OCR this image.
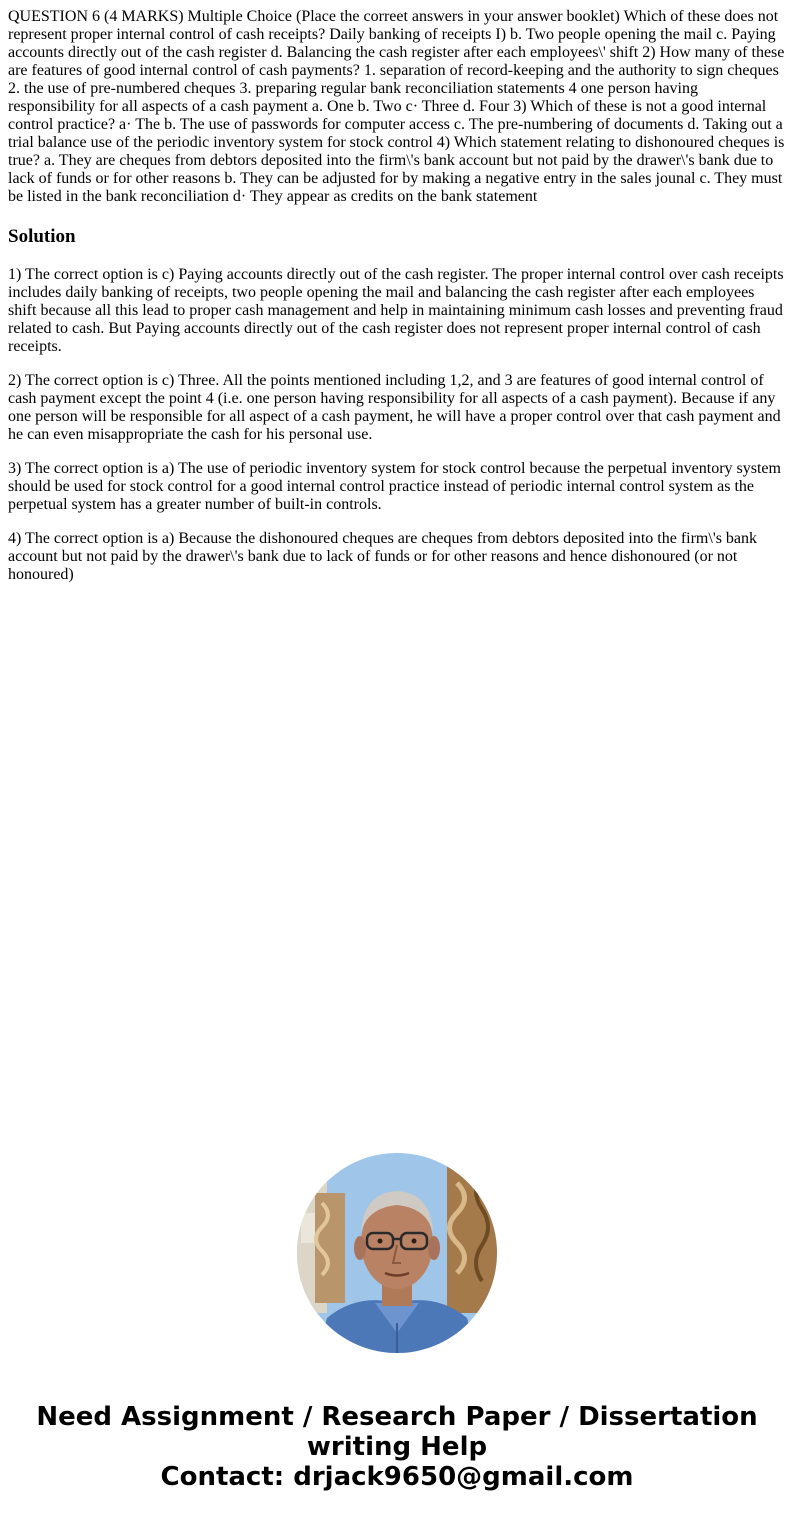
QUESTION 6 (4 MARKS) Multiple Choice (Place the correet answers in your answer booklet) Which of these does not represent proper internal control of cash receipts? Daily banking of receipts I) b. Two people opening the mail c. Paying accounts directly out of the cash register d. Balancing the cash register after each employees\' shift 2) How many of these are features of good internal control of cash payments? 1. separation of record-keeping and the authority to sign cheques 2. the use of pre-numbered cheques 3. preparing regular bank reconciliation statements 4 one person having responsibility for all aspects of a cash payment a. One b. Two c· Three d. Four 3) Which of these is not a good internal control practice? a· The b. The use of passwords for computer access c. The pre-numbering of documents d. Taking out a trial balance use of the periodic inventory system for stock control 4) Which statement relating to dishonoured cheques is true? a. They are cheques from debtors deposited into the firm\'s bank account but not paid by the drawer\'s bank due to lack of funds or for other reasons b. They can be adjusted for by making a negative entry in the sales jounal c. They must be listed in the bank reconciliation d· They appear as credits on the bank statement

Solution

1) The correct option is c) Paying accounts directly out of the cash register. The proper internal control over cash receipts includes daily banking of receipts, two people opening the mail and balancing the cash register after each employees shift because all this lead to proper cash management and help in maintaining minimum cash losses and preventing fraud related to cash. But Paying accounts directly out of the cash register does not represent proper internal control of cash receipts.

2) The correct option is c) Three. All the points mentioned including 1,2, and 3 are features of good internal control of cash payment except the point 4 (i.e. one person having responsibility for all aspects of a cash payment). Because if any one person will be responsible for all aspect of a cash payment, he will have a proper control over that cash payment and he can even misappropriate the cash for his personal use.

3) The correct option is a) The use of periodic inventory system for stock control because the perpetual inventory system should be used for stock control for a good internal control practice instead of periodic internal control system as the perpetual system has a greater number of built-in controls.

4) The correct option is a) Because the dishonoured cheques are cheques from debtors deposited into the firm\'s bank account but not paid by the drawer\'s bank due to lack of funds or for other reasons and hence dishonoured (or not honoured)

Need Assignment / Research Paper / Dissertation
writing Help
Contact: drjack9650@gmail.com
